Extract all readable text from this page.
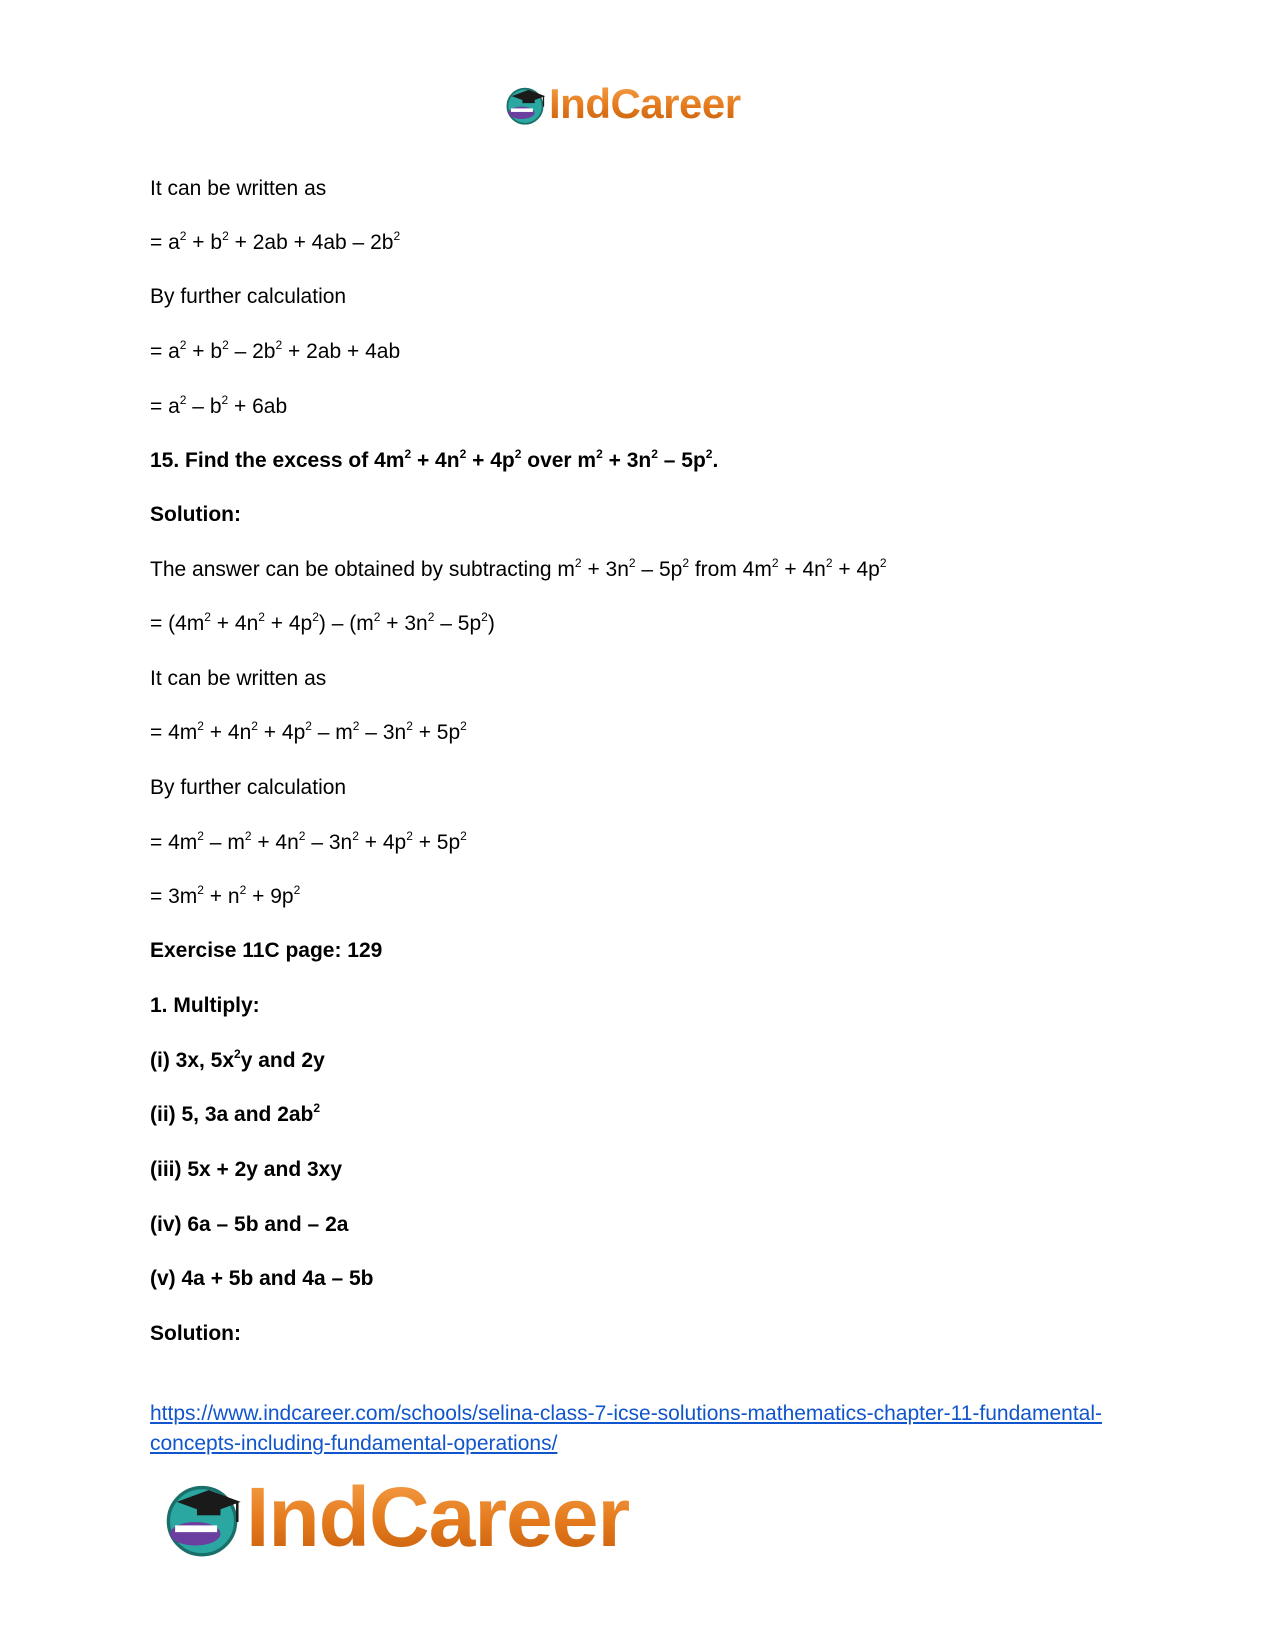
IndCareer
It can be written as
= $a^2 + b^2 + 2ab + 4ab - 2b^2$
By further calculation
= $a^2 + b^2 - 2b^2 + 2ab + 4ab$
= $a^2 - b^2 + 6ab$
15. Find the excess of $4m^2 + 4n^2 + 4p^2$ over $m^2 + 3n^2 - 5p^2$.
Solution:
The answer can be obtained by subtracting $m^2 + 3n^2 - 5p^2$ from $4m^2 + 4n^2 + 4p^2$
= $(4m^2 + 4n^2 + 4p^2) - (m^2 + 3n^2 - 5p^2)$
It can be written as
= $4m^2 + 4n^2 + 4p^2 - m^2 - 3n^2 + 5p^2$
By further calculation
= $4m^2 - m^2 + 4n^2 - 3n^2 + 4p^2 + 5p^2$
= $3m^2 + n^2 + 9p^2$
Exercise 11C page: 129
1. Multiply:
(i) 3x, $5x^2y$ and 2y
(ii) 5, 3a and $2ab^2$
(iii) 5x + 2y and 3xy
(iv) 6a – 5b and – 2a
(v) 4a + 5b and 4a – 5b
Solution:
https://www.indcareer.com/schools/selina-class-7-icse-solutions-mathematics-chapter-11-fundamental-concepts-including-fundamental-operations/
IndCareer
